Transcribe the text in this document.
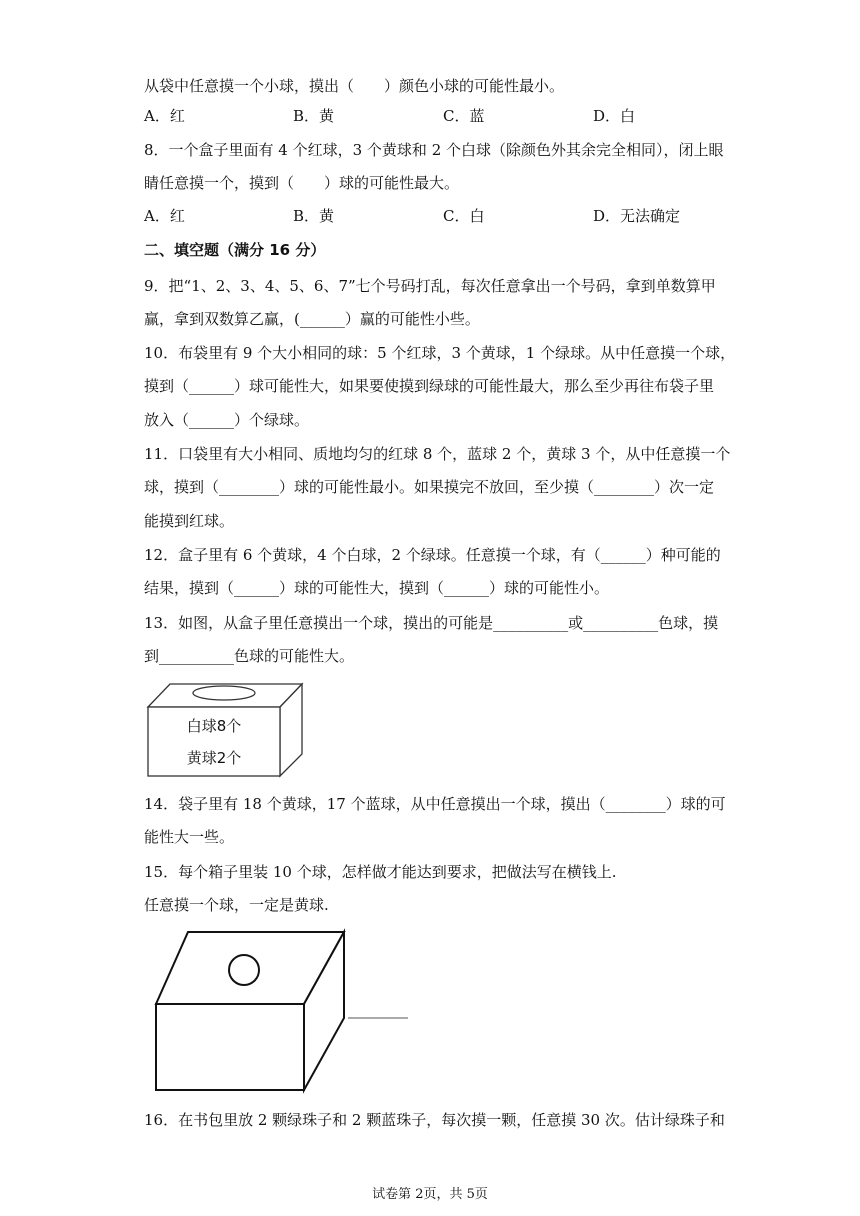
从袋中任意摸一个小球，摸出（　　）颜色小球的可能性最小。
A．红	B．黄	C．蓝	D．白
8．一个盒子里面有 4 个红球，3 个黄球和 2 个白球（除颜色外其余完全相同），闭上眼
睛任意摸一个，摸到（　　）球的可能性最大。
A．红	B．黄	C．白	D．无法确定
二、填空题（满分 16 分）
9．把“1、2、3、4、5、6、7”七个号码打乱，每次任意拿出一个号码，拿到单数算甲
赢，拿到双数算乙赢，(______）赢的可能性小些。
10．布袋里有 9 个大小相同的球：5 个红球，3 个黄球，1 个绿球。从中任意摸一个球，
摸到（______）球可能性大，如果要使摸到绿球的可能性最大，那么至少再往布袋子里
放入（______）个绿球。
11．口袋里有大小相同、质地均匀的红球 8 个，蓝球 2 个，黄球 3 个，从中任意摸一个
球，摸到（________）球的可能性最小。如果摸完不放回，至少摸（________）次一定
能摸到红球。
12．盒子里有 6 个黄球，4 个白球，2 个绿球。任意摸一个球，有（______）种可能的
结果，摸到（______）球的可能性大，摸到（______）球的可能性小。
13．如图，从盒子里任意摸出一个球，摸出的可能是__________或__________色球，摸
到__________色球的可能性大。
白球8个
黄球2个
14．袋子里有 18 个黄球，17 个蓝球，从中任意摸出一个球，摸出（________）球的可
能性大一些。
15．每个箱子里装 10 个球，怎样做才能达到要求，把做法写在横钱上.
任意摸一个球，一定是黄球.
16．在书包里放 2 颗绿珠子和 2 颗蓝珠子，每次摸一颗，任意摸 30 次。估计绿珠子和
试卷第 2页，共 5页
